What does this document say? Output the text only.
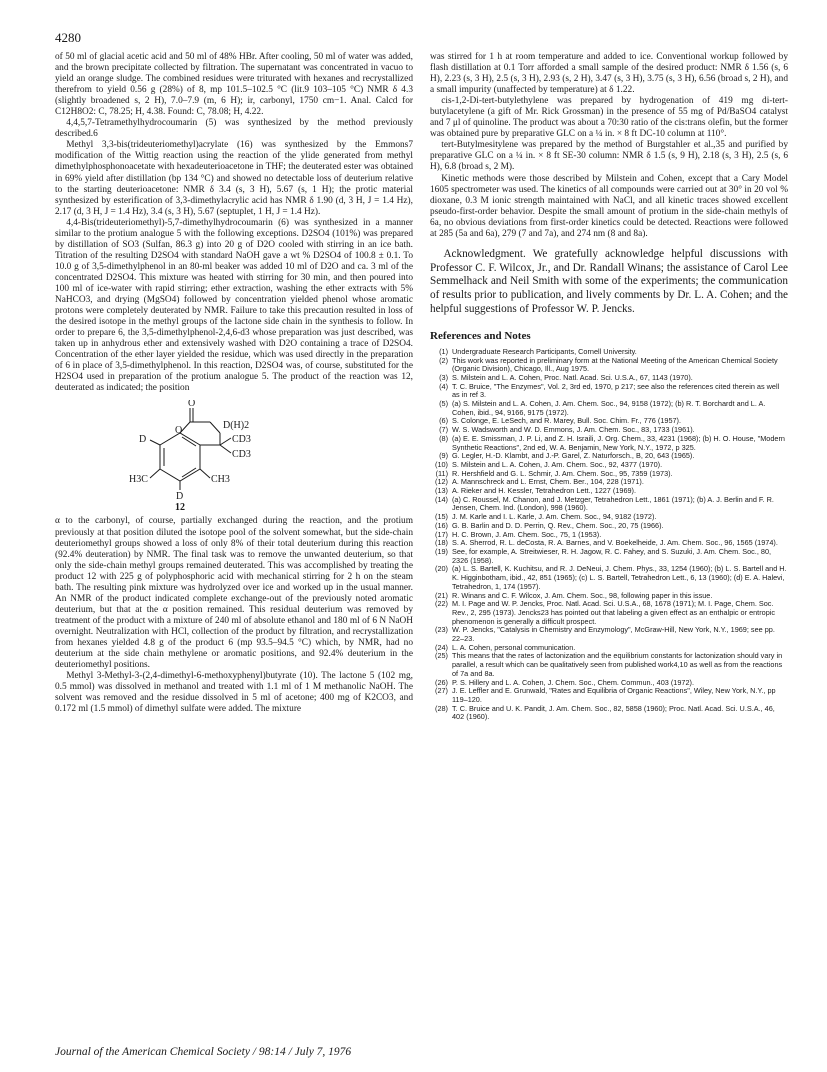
4280

of 50 ml of glacial acetic acid and 50 ml of 48% HBr. After cooling, 50 ml of water was added, and the brown precipitate collected by filtration. The supernatant was concentrated in vacuo to yield an orange sludge. The combined residues were triturated with hexanes and recrystallized therefrom to yield 0.56 g (28%) of 8, mp 101.5–102.5 °C (lit.9 103–105 °C) NMR δ 4.3 (slightly broadened s, 2 H), 7.0–7.9 (m, 6 H); ir, carbonyl, 1750 cm−1. Anal. Calcd for C12H8O2: C, 78.25; H, 4.38. Found: C, 78.08; H, 4.22.

4,4,5,7-Tetramethylhydrocoumarin (5) was synthesized by the method previously described.6

Methyl 3,3-bis(trideuteriomethyl)acrylate (16) was synthesized by the Emmons7 modification of the Wittig reaction using the reaction of the ylide generated from methyl dimethylphosphonoacetate with hexadeuterioacetone in THF; the deuterated ester was obtained in 69% yield after distillation (bp 134 °C) and showed no detectable loss of deuterium relative to the starting deuterioacetone: NMR δ 3.4 (s, 3 H), 5.67 (s, 1 H); the protic material synthesized by esterification of 3,3-dimethylacrylic acid has NMR δ 1.90 (d, 3 H, J = 1.4 Hz), 2.17 (d, 3 H, J = 1.4 Hz), 3.4 (s, 3 H), 5.67 (septuplet, 1 H, J = 1.4 Hz).

4,4-Bis(trideuteriomethyl)-5,7-dimethylhydrocoumarin (6) was synthesized in a manner similar to the protium analogue 5 with the following exceptions. D2SO4 (101%) was prepared by distillation of SO3 (Sulfan, 86.3 g) into 20 g of D2O cooled with stirring in an ice bath. Titration of the resulting D2SO4 with standard NaOH gave a wt % D2SO4 of 100.8 ± 0.1. To 10.0 g of 3,5-dimethylphenol in an 80-ml beaker was added 10 ml of D2O and ca. 3 ml of the concentrated D2SO4. This mixture was heated with stirring for 30 min, and then poured into 100 ml of ice-water with rapid stirring; ether extraction, washing the ether extracts with 5% NaHCO3, and drying (MgSO4) followed by concentration yielded phenol whose aromatic protons were completely deuterated by NMR. Failure to take this precaution resulted in loss of the desired isotope in the methyl groups of the lactone side chain in the synthesis to follow. In order to prepare 6, the 3,5-dimethylphenol-2,4,6-d3 whose preparation was just described, was taken up in anhydrous ether and extensively washed with D2O containing a trace of D2SO4. Concentration of the ether layer yielded the residue, which was used directly in the preparation of 6 in place of 3,5-dimethylphenol. In this reaction, D2SO4 was, of course, substituted for the H2SO4 used in preparation of the protium analogue 5. The product of the reaction was 12, deuterated as indicated; the position

O
O	D(H)2
CD3
CD3
D
H3C	CH3
D
12

α to the carbonyl, of course, partially exchanged during the reaction, and the protium previously at that position diluted the isotope pool of the solvent somewhat, but the side-chain deuteriomethyl groups showed a loss of only 8% of their total deuterium during this reaction (92.4% deuteration) by NMR. The final task was to remove the unwanted deuterium, so that only the side-chain methyl groups remained deuterated. This was accomplished by treating the product 12 with 225 g of polyphosphoric acid with mechanical stirring for 2 h on the steam bath. The resulting pink mixture was hydrolyzed over ice and worked up in the usual manner. An NMR of the product indicated complete exchange-out of the previously noted aromatic deuterium, but that at the α position remained. This residual deuterium was removed by treatment of the product with a mixture of 240 ml of absolute ethanol and 180 ml of 6 N NaOH overnight. Neutralization with HCl, collection of the product by filtration, and recrystallization from hexanes yielded 4.8 g of the product 6 (mp 93.5–94.5 °C) which, by NMR, had no deuterium at the side chain methylene or aromatic positions, and 92.4% deuterium in the deuteriomethyl positions.

Methyl 3-Methyl-3-(2,4-dimethyl-6-methoxyphenyl)butyrate (10). The lactone 5 (102 mg, 0.5 mmol) was dissolved in methanol and treated with 1.1 ml of 1 M methanolic NaOH. The solvent was removed and the residue dissolved in 5 ml of acetone; 400 mg of K2CO3, and 0.172 ml (1.5 mmol) of dimethyl sulfate were added. The mixture

was stirred for 1 h at room temperature and added to ice. Conventional workup followed by flash distillation at 0.1 Torr afforded a small sample of the desired product: NMR δ 1.56 (s, 6 H), 2.23 (s, 3 H), 2.5 (s, 3 H), 2.93 (s, 2 H), 3.47 (s, 3 H), 3.75 (s, 3 H), 6.56 (broad s, 2 H), and a small impurity (unaffected by temperature) at δ 1.22.

cis-1,2-Di-tert-butylethylene was prepared by hydrogenation of 419 mg di-tert-butylacetylene (a gift of Mr. Rick Grossman) in the presence of 55 mg of Pd/BaSO4 catalyst and 7 μl of quinoline. The product was about a 70:30 ratio of the cis:trans olefin, but the former was obtained pure by preparative GLC on a ¼ in. × 8 ft DC-10 column at 110°.

tert-Butylmesitylene was prepared by the method of Burgstahler et al.,35 and purified by preparative GLC on a ¼ in. × 8 ft SE-30 column: NMR δ 1.5 (s, 9 H), 2.18 (s, 3 H), 2.5 (s, 6 H), 6.8 (broad s, 2 M).

Kinetic methods were those described by Milstein and Cohen, except that a Cary Model 1605 spectrometer was used. The kinetics of all compounds were carried out at 30° in 20 vol % dioxane, 0.3 M ionic strength maintained with NaCl, and all kinetic traces showed excellent pseudo-first-order behavior. Despite the small amount of protium in the side-chain methyls of 6a, no obvious deviations from first-order kinetics could be detected. Reactions were followed at 285 (5a and 6a), 279 (7 and 7a), and 274 nm (8 and 8a).

Acknowledgment. We gratefully acknowledge helpful discussions with Professor C. F. Wilcox, Jr., and Dr. Randall Winans; the assistance of Carol Lee Semmelhack and Neil Smith with some of the experiments; the communication of results prior to publication, and lively comments by Dr. L. A. Cohen; and the helpful suggestions of Professor W. P. Jencks.

References and Notes
(1) Undergraduate Research Participants, Cornell University.
(2) This work was reported in preliminary form at the National Meeting of the American Chemical Society (Organic Division), Chicago, Ill., Aug 1975.
(3) S. Milstein and L. A. Cohen, Proc. Natl. Acad. Sci. U.S.A., 67, 1143 (1970).
(4) T. C. Bruice, "The Enzymes", Vol. 2, 3rd ed, 1970, p 217; see also the references cited therein as well as in ref 3.
(5) (a) S. Milstein and L. A. Cohen, J. Am. Chem. Soc., 94, 9158 (1972); (b) R. T. Borchardt and L. A. Cohen, ibid., 94, 9166, 9175 (1972).
(6) S. Colonge, E. LeSech, and R. Marey, Bull. Soc. Chim. Fr., 776 (1957).
(7) W. S. Wadsworth and W. D. Emmons, J. Am. Chem. Soc., 83, 1733 (1961).
(8) (a) E. E. Smissman, J. P. Li, and Z. H. Israili, J. Org. Chem., 33, 4231 (1968); (b) H. O. House, "Modern Synthetic Reactions", 2nd ed, W. A. Benjamin, New York, N.Y., 1972, p 325.
(9) G. Legler, H.-D. Klambt, and J.-P. Garel, Z. Naturforsch., B, 20, 643 (1965).
(10) S. Milstein and L. A. Cohen, J. Am. Chem. Soc., 92, 4377 (1970).
(11) R. Hershfield and G. L. Schmir, J. Am. Chem. Soc., 95, 7359 (1973).
(12) A. Mannschreck and L. Ernst, Chem. Ber., 104, 228 (1971).
(13) A. Rieker and H. Kessler, Tetrahedron Lett., 1227 (1969).
(14) (a) C. Roussel, M. Chanon, and J. Metzger, Tetrahedron Lett., 1861 (1971); (b) A. J. Berlin and F. R. Jensen, Chem. Ind. (London), 998 (1960).
(15) J. M. Karle and I. L. Karle, J. Am. Chem. Soc., 94, 9182 (1972).
(16) G. B. Barlin and D. D. Perrin, Q. Rev., Chem. Soc., 20, 75 (1966).
(17) H. C. Brown, J. Am. Chem. Soc., 75, 1 (1953).
(18) S. A. Sherrod, R. L. deCosta, R. A. Barnes, and V. Boekelheide, J. Am. Chem. Soc., 96, 1565 (1974).
(19) See, for example, A. Streitwieser, R. H. Jagow, R. C. Fahey, and S. Suzuki, J. Am. Chem. Soc., 80, 2326 (1958).
(20) (a) L. S. Bartell, K. Kuchitsu, and R. J. DeNeui, J. Chem. Phys., 33, 1254 (1960); (b) L. S. Bartell and H. K. Higginbotham, ibid., 42, 851 (1965); (c) L. S. Bartell, Tetrahedron Lett., 6, 13 (1960); (d) E. A. Halevi, Tetrahedron, 1, 174 (1957).
(21) R. Winans and C. F. Wilcox, J. Am. Chem. Soc., 98, following paper in this issue.
(22) M. I. Page and W. P. Jencks, Proc. Natl. Acad. Sci. U.S.A., 68, 1678 (1971); M. I. Page, Chem. Soc. Rev., 2, 295 (1973). Jencks23 has pointed out that labeling a given effect as an enthalpic or entropic phenomenon is generally a difficult prospect.
(23) W. P. Jencks, "Catalysis in Chemistry and Enzymology", McGraw-Hill, New York, N.Y., 1969; see pp. 22–23.
(24) L. A. Cohen, personal communication.
(25) This means that the rates of lactonization and the equilibrium constants for lactonization should vary in parallel, a result which can be qualitatively seen from published work4,10 as well as from the reactions of 7a and 8a.
(26) P. S. Hillery and L. A. Cohen, J. Chem. Soc., Chem. Commun., 403 (1972).
(27) J. E. Leffler and E. Grunwald, "Rates and Equilibria of Organic Reactions", Wiley, New York, N.Y., pp 119–120.
(28) T. C. Bruice and U. K. Pandit, J. Am. Chem. Soc., 82, 5858 (1960); Proc. Natl. Acad. Sci. U.S.A., 46, 402 (1960).
Journal of the American Chemical Society / 98:14 / July 7, 1976
